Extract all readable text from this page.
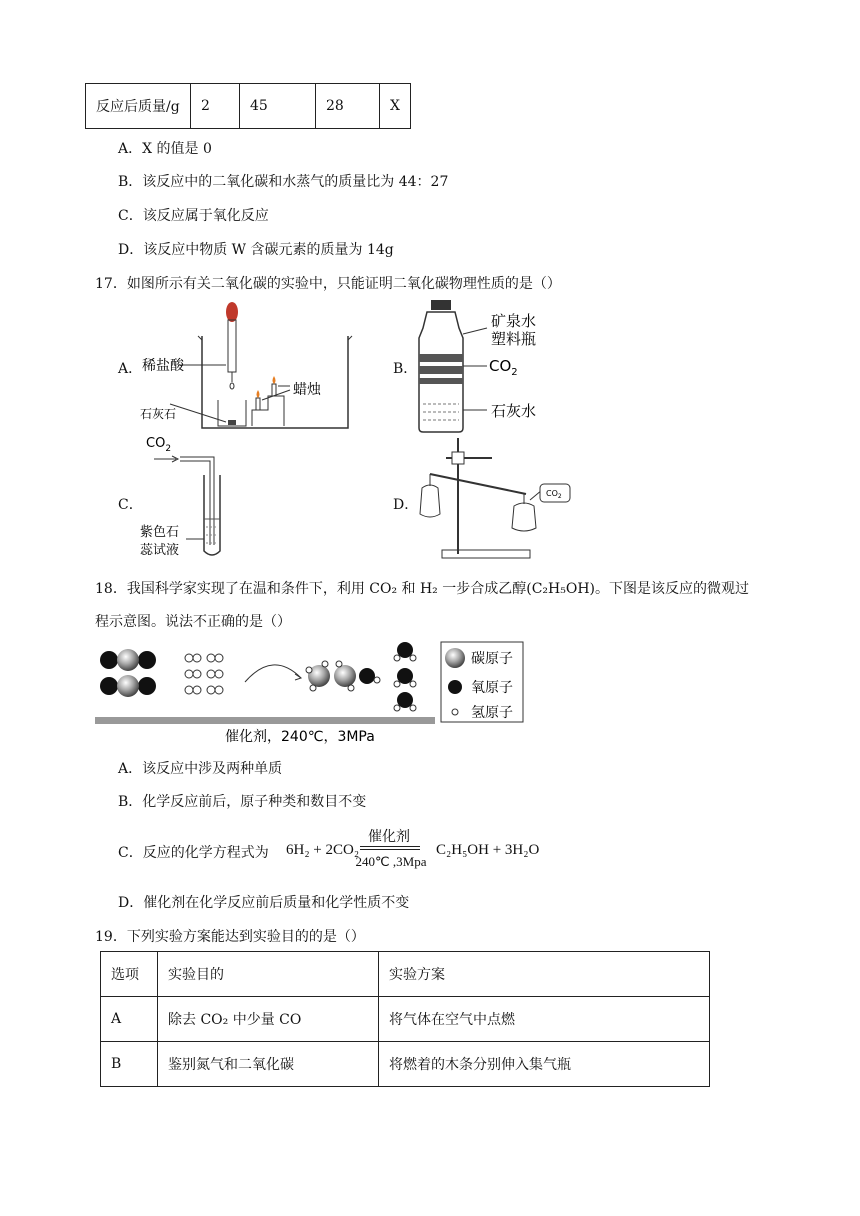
反应后质量/g	2	45	28	X
A．X 的值是 0
B．该反应中的二氧化碳和水蒸气的质量比为 44：27
C．该反应属于氧化反应
D．该反应中物质 W 含碳元素的质量为 14g
17．如图所示有关二氧化碳的实验中，只能证明二氧化碳物理性质的是（）
A．	B．
C．	D．
稀盐酸
蜡烛
石灰石
矿泉水
塑料瓶
$CO_2$
石灰水
$CO_2$
紫色石
蕊试液
$CO_2$
18．我国科学家实现了在温和条件下，利用 CO₂ 和 H₂ 一步合成乙醇(C₂H₅OH)。下图是该反应的微观过
程示意图。说法不正确的是（）
碳原子
氧原子
氢原子
催化剂，240℃，3MPa
A．该反应中涉及两种单质
B．化学反应前后，原子种类和数目不变
C．反应的化学方程式为 6H₂ + 2CO₂
催化剂
240℃ ,3Mpa
C₂H₅OH + 3H₂O
D．催化剂在化学反应前后质量和化学性质不变
19．下列实验方案能达到实验目的的是（）
选项	实验目的	实验方案
A	除去 CO₂ 中少量 CO	将气体在空气中点燃
B	鉴别氮气和二氧化碳	将燃着的木条分别伸入集气瓶
